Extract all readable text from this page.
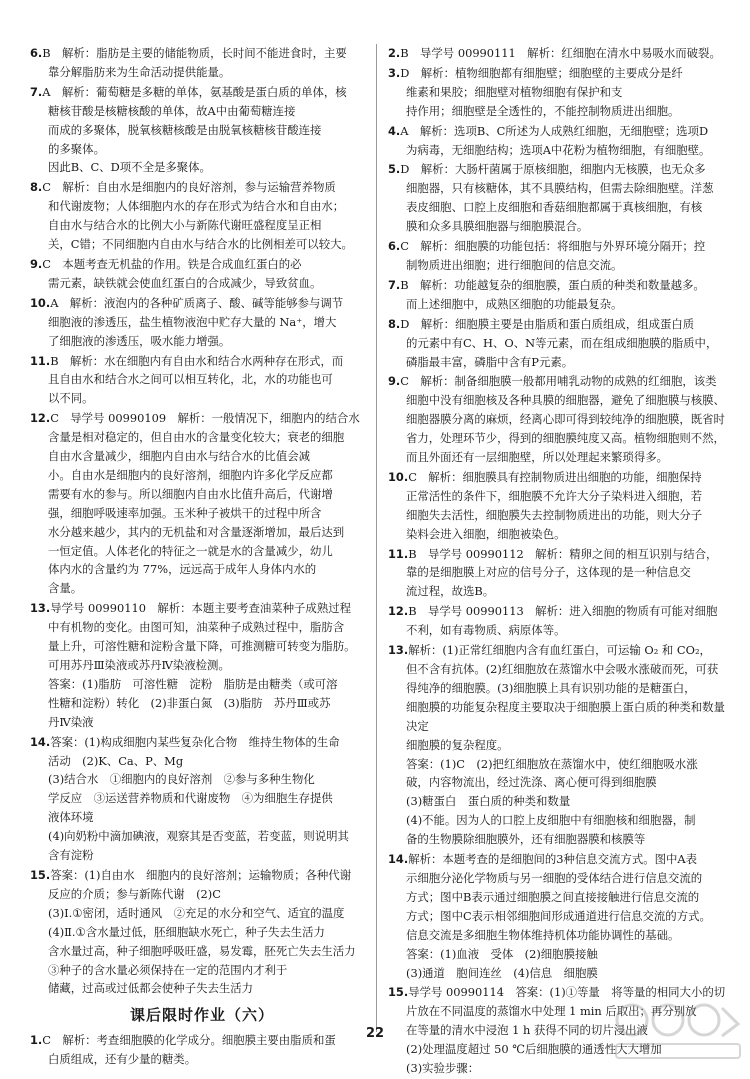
6.B　解析：脂肪是主要的储能物质，长时间不能进食时，主要
靠分解脂肪来为生命活动提供能量。
7.A　解析：葡萄糖是多糖的单体，氨基酸是蛋白质的单体，核
糖核苷酸是核糖核酸的单体，故A中由葡萄糖连接
而成的多聚体，脱氧核糖核酸是由脱氧核糖核苷酸连接
的多聚体。
因此B、C、D项不全是多聚体。
8.C　解析：自由水是细胞内的良好溶剂，参与运输营养物质
和代谢废物；人体细胞内水的存在形式为结合水和自由水；
自由水与结合水的比例大小与新陈代谢旺盛程度呈正相
关，C错；不同细胞内自由水与结合水的比例相差可以较大。
9.C　本题考查无机盐的作用。铁是合成血红蛋白的必
需元素，缺铁就会使血红蛋白的合成减少，导致贫血。
10.A　解析：液泡内的各种矿质离子、酸、碱等能够参与调节
细胞液的渗透压，盐生植物液泡中贮存大量的 Na⁺，增大
了细胞液的渗透压，吸水能力增强。
11.B　解析：水在细胞内有自由水和结合水两种存在形式，而
且自由水和结合水之间可以相互转化，北，水的功能也可
以不同。
12.C　导学号 00990109　解析：一般情况下，细胞内的结合水
含量是相对稳定的，但自由水的含量变化较大；衰老的细胞
自由水含量减少，细胞内自由水与结合水的比值会减
小。自由水是细胞内的良好溶剂，细胞内许多化学反应都
需要有水的参与。所以细胞内自由水比值升高后，代谢增
强，细胞呼吸速率加强。玉米种子被烘干的过程中所含
水分越来越少，其内的无机盐和对含量逐渐增加，最后达到
一恒定值。人体老化的特征之一就是水的含量减少，幼儿
体内水的含量约为 77%，远远高于成年人身体内水的
含量。
13.导学号 00990110　解析：本题主要考查油菜种子成熟过程
中有机物的变化。由图可知，油菜种子成熟过程中，脂肪含
量上升，可溶性糖和淀粉含量下降，可推测糖可转变为脂肪。
可用苏丹Ⅲ染液或苏丹Ⅳ染液检测。
答案：(1)脂肪　可溶性糖　淀粉　脂肪是由糖类（或可溶
性糖和淀粉）转化　(2)非蛋白氮　(3)脂肪　苏丹Ⅲ或苏
丹Ⅳ染液
14.答案：(1)构成细胞内某些复杂化合物　维持生物体的生命
活动　(2)K、Ca、P、Mg
(3)结合水　①细胞内的良好溶剂　②参与多种生物化
学反应　③运送营养物质和代谢废物　④为细胞生存提供
液体环境
(4)向奶粉中滴加碘液，观察其是否变蓝，若变蓝，则说明其
含有淀粉
15.答案：(1)自由水　细胞内的良好溶剂；运输物质；各种代谢
反应的介质；参与新陈代谢　(2)C
(3)Ⅰ.①密闭，适时通风　②充足的水分和空气、适宜的温度
(4)Ⅱ.①含水量过低，胚细胞缺水死亡，种子失去生活力
含水量过高，种子细胞呼吸旺盛，易发霉，胚死亡失去生活力
③种子的含水量必须保持在一定的范围内才利于
储藏，过高或过低都会使种子失去生活力
课后限时作业（六）
1.C　解析：考查细胞膜的化学成分。细胞膜主要由脂质和蛋
白质组成，还有少量的糖类。
2.B　导学号 00990111　解析：红细胞在清水中易吸水而破裂。
3.D　解析：植物细胞都有细胞壁；细胞壁的主要成分是纤
维素和果胶；细胞壁对植物细胞有保护和支
持作用；细胞壁是全透性的，不能控制物质进出细胞。
4.A　解析：选项B、C所述为人成熟红细胞，无细胞壁；选项D
为病毒，无细胞结构；选项A中花粉为植物细胞，有细胞壁。
5.D　解析：大肠杆菌属于原核细胞，细胞内无核膜，也无众多
细胞器，只有核糖体，其不具膜结构，但需去除细胞壁。洋葱
表皮细胞、口腔上皮细胞和香菇细胞都属于真核细胞，有核
膜和众多具膜细胞器与细胞膜混合。
6.C　解析：细胞膜的功能包括：将细胞与外界环境分隔开；控
制物质进出细胞；进行细胞间的信息交流。
7.B　解析：功能越复杂的细胞膜，蛋白质的种类和数量越多。
而上述细胞中，成熟区细胞的功能最复杂。
8.D　解析：细胞膜主要是由脂质和蛋白质组成，组成蛋白质
的元素中有C、H、O、N等元素，而在组成细胞膜的脂质中，
磷脂最丰富，磷脂中含有P元素。
9.C　解析：制备细胞膜一般都用哺乳动物的成熟的红细胞，该类
细胞中没有细胞核及各种具膜的细胞器，避免了细胞膜与核膜、
细胞器膜分离的麻烦，经离心即可得到较纯净的细胞膜，既省时
省力，处理环节少，得到的细胞膜纯度又高。植物细胞则不然，
而且外面还有一层细胞壁，所以处理起来繁琐得多。
10.C　解析：细胞膜具有控制物质进出细胞的功能，细胞保持
正常活性的条件下，细胞膜不允许大分子染料进入细胞，若
细胞失去活性，细胞膜失去控制物质进出的功能，则大分子
染料会进入细胞，细胞被染色。
11.B　导学号 00990112　解析：精卵之间的相互识别与结合，
靠的是细胞膜上对应的信号分子，这体现的是一种信息交
流过程，故选B。
12.B　导学号 00990113　解析：进入细胞的物质有可能对细胞
不利，如有毒物质、病原体等。
13.解析：(1)正常红细胞内含有血红蛋白，可运输 O₂ 和 CO₂，
但不含有抗体。(2)红细胞放在蒸馏水中会吸水涨破而死，可获
得纯净的细胞膜。(3)细胞膜上具有识别功能的是糖蛋白，
细胞膜的功能复杂程度主要取决于细胞膜上蛋白质的种类和数量决定
细胞膜的复杂程度。
答案：(1)C　(2)把红细胞放在蒸馏水中，使红细胞吸水涨
破，内容物流出，经过洗涤、离心便可得到细胞膜
(3)糖蛋白　蛋白质的种类和数量
(4)不能。因为人的口腔上皮细胞中有细胞核和细胞器，制
备的生物膜除细胞膜外，还有细胞器膜和核膜等
14.解析：本题考查的是细胞间的3种信息交流方式。图中A表
示细胞分泌化学物质与另一细胞的受体结合进行信息交流的
方式；图中B表示通过细胞膜之间直接接触进行信息交流的
方式；图中C表示相邻细胞间形成通道进行信息交流的方式。
信息交流是多细胞生物体维持机体功能协调性的基础。
答案：(1)血液　受体　(2)细胞膜接触
(3)通道　胞间连丝　(4)信息　细胞膜
15.导学号 00990114　答案：(1)①等量　将等量的相同大小的切
片放在不同温度的蒸馏水中处理 1 min 后取出；再分别放
在等量的清水中浸泡 1 h 获得不同的切片浸出液
(2)处理温度超过 50 ℃后细胞膜的通透性大大增加
(3)实验步骤：
22
